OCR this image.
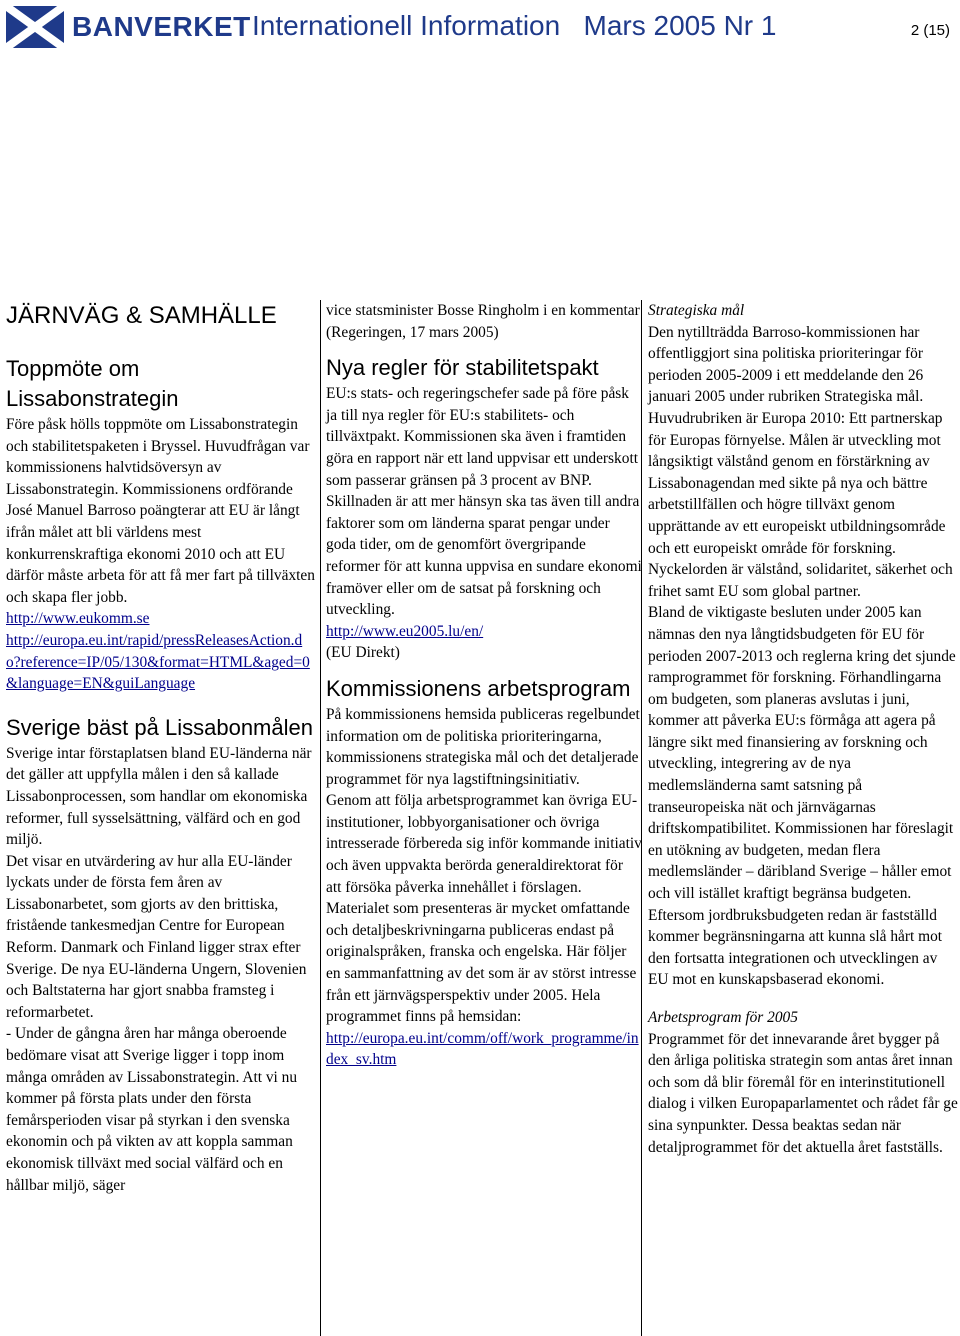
BANVERKET Internationell Information   Mars 2005 Nr 1	2 (15)
JÄRNVÄG & SAMHÄLLE
Toppmöte om Lissabonstrategin

Före påsk hölls toppmöte om Lissabonstrategin och stabilitetspaketen i Bryssel. Huvudfrågan var kommissionens halvtidsöversyn av Lissabonstrategin. Kommissionens ordförande José Manuel Barroso poängterar att EU är långt ifrån målet att bli världens mest konkurrenskraftiga ekonomi 2010 och att EU därför måste arbeta för att få mer fart på tillväxten och skapa fler jobb.

http://www.eukomm.se

http://europa.eu.int/rapid/pressReleasesAction.do?reference=IP/05/130&format=HTML&aged=0&language=EN&guiLanguage

Sverige bäst på Lissabonmålen

Sverige intar förstaplatsen bland EU-länderna när det gäller att uppfylla målen i den så kallade Lissabonprocessen, som handlar om ekonomiska reformer, full sysselsättning, välfärd och en god miljö.

Det visar en utvärdering av hur alla EU-länder lyckats under de första fem åren av Lissabonarbetet, som gjorts av den brittiska, fristående tankesmedjan Centre for European Reform. Danmark och Finland ligger strax efter Sverige. De nya EU-länderna Ungern, Slovenien och Baltstaterna har gjort snabba framsteg i reformarbetet.

- Under de gångna åren har många oberoende bedömare visat att Sverige ligger i topp inom många områden av Lissabonstrategin. Att vi nu kommer på första plats under den första femårsperioden visar på styrkan i den svenska ekonomin och på vikten av att koppla samman ekonomisk tillväxt med social välfärd och en hållbar miljö, säger

vice statsminister Bosse Ringholm i en kommentar

(Regeringen, 17 mars 2005)

Nya regler för stabilitetspakt

EU:s stats- och regeringschefer sade på före påsk ja till nya regler för EU:s stabilitets- och tillväxtpakt. Kommissionen ska även i framtiden göra en rapport när ett land uppvisar ett underskott som passerar gränsen på 3 procent av BNP.

Skillnaden är att mer hänsyn ska tas även till andra faktorer som om länderna sparat pengar under goda tider, om de genomfört övergripande reformer för att kunna uppvisa en sundare ekonomi framöver eller om de satsat på forskning och utveckling.

http://www.eu2005.lu/en/

(EU Direkt)

Kommissionens arbetsprogram

På kommissionens hemsida publiceras regelbundet information om de politiska prioriteringarna, kommissionens strategiska mål och det detaljerade programmet för nya lagstiftningsinitiativ.

Genom att följa arbetsprogrammet kan övriga EU-institutioner, lobbyorganisationer och övriga intresserade förbereda sig inför kommande initiativ och även uppvakta berörda generaldirektorat för att försöka påverka innehållet i förslagen. Materialet som presenteras är mycket omfattande och detaljbeskrivningarna publiceras endast på originalspråken, franska och engelska. Här följer en sammanfattning av det som är av störst intresse från ett järnvägsperspektiv under 2005. Hela programmet finns på hemsidan:

http://europa.eu.int/comm/off/work_programme/index_sv.htm

Strategiska mål

Den nytillträdda Barroso-kommissionen har offentliggjort sina politiska prioriteringar för perioden 2005-2009 i ett meddelande den 26 januari 2005 under rubriken Strategiska mål. Huvudrubriken är Europa 2010: Ett partnerskap för Europas förnyelse. Målen är utveckling mot långsiktigt välstånd genom en förstärkning av Lissabonagendan med sikte på nya och bättre arbetstillfällen och högre tillväxt genom upprättande av ett europeiskt utbildningsområde och ett europeiskt område för forskning.

Nyckelorden är välstånd, solidaritet, säkerhet och frihet samt EU som global partner.

Bland de viktigaste besluten under 2005 kan nämnas den nya långtidsbudgeten för EU för perioden 2007-2013 och reglerna kring det sjunde ramprogrammet för forskning. Förhandlingarna om budgeten, som planeras avslutas i juni, kommer att påverka EU:s förmåga att agera på längre sikt med finansiering av forskning och utveckling, integrering av de nya medlemsländerna samt satsning på transeuropeiska nät och järnvägarnas driftskompatibilitet. Kommissionen har föreslagit en utökning av budgeten, medan flera medlemsländer – däribland Sverige – håller emot och vill istället kraftigt begränsa budgeten. Eftersom jordbruksbudgeten redan är fastställd kommer begränsningarna att kunna slå hårt mot den fortsatta integrationen och utvecklingen av EU mot en kunskapsbaserad ekonomi.

Arbetsprogram för 2005

Programmet för det innevarande året bygger på den årliga politiska strategin som antas året innan och som då blir föremål för en interinstitutionell dialog i vilken Europaparlamentet och rådet får ge sina synpunkter. Dessa beaktas sedan när detaljprogrammet för det aktuella året fastställs.
